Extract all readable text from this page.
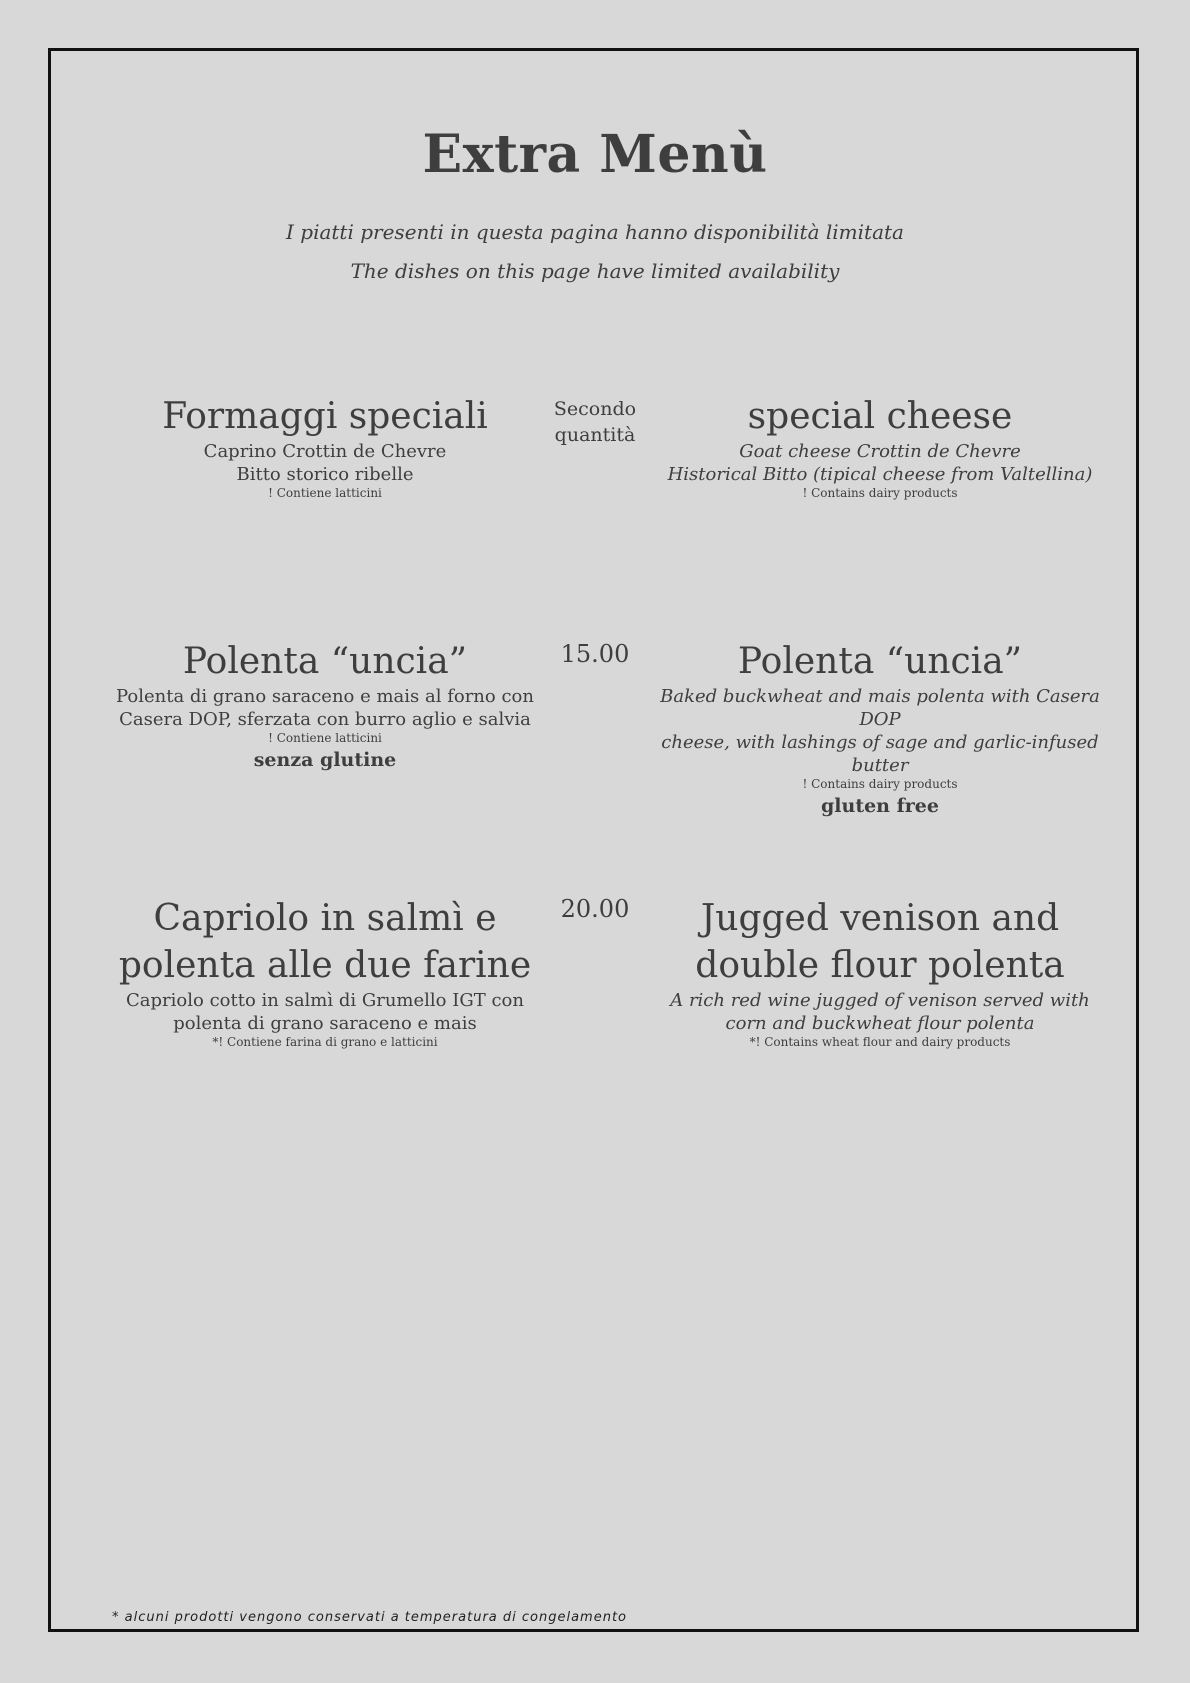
Extra Menù
I piatti presenti in questa pagina hanno disponibilità limitata
The dishes on this page have limited availability
Formaggi speciali
Caprino Crottin de Chevre
Bitto storico ribelle
! Contiene latticini
Secondo
quantità	special cheese
Goat cheese Crottin de Chevre
Historical Bitto (tipical cheese from Valtellina)
! Contains dairy products
Polenta “uncia”
Polenta di grano saraceno e mais al forno con
Casera DOP, sferzata con burro aglio e salvia
! Contiene latticini
senza glutine
15.00	Polenta “uncia”
Baked buckwheat and mais polenta with Casera DOP
cheese, with lashings of sage and garlic-infused butter
! Contains dairy products
gluten free
Capriolo in salmì e
polenta alle due farine
Capriolo cotto in salmì di Grumello IGT con
polenta di grano saraceno e mais
*! Contiene farina di grano e latticini
20.00	Jugged venison and
double flour polenta
A rich red wine jugged of venison served with
corn and buckwheat flour polenta
*! Contains wheat flour and dairy products
* alcuni prodotti vengono conservati a temperatura di congelamento
